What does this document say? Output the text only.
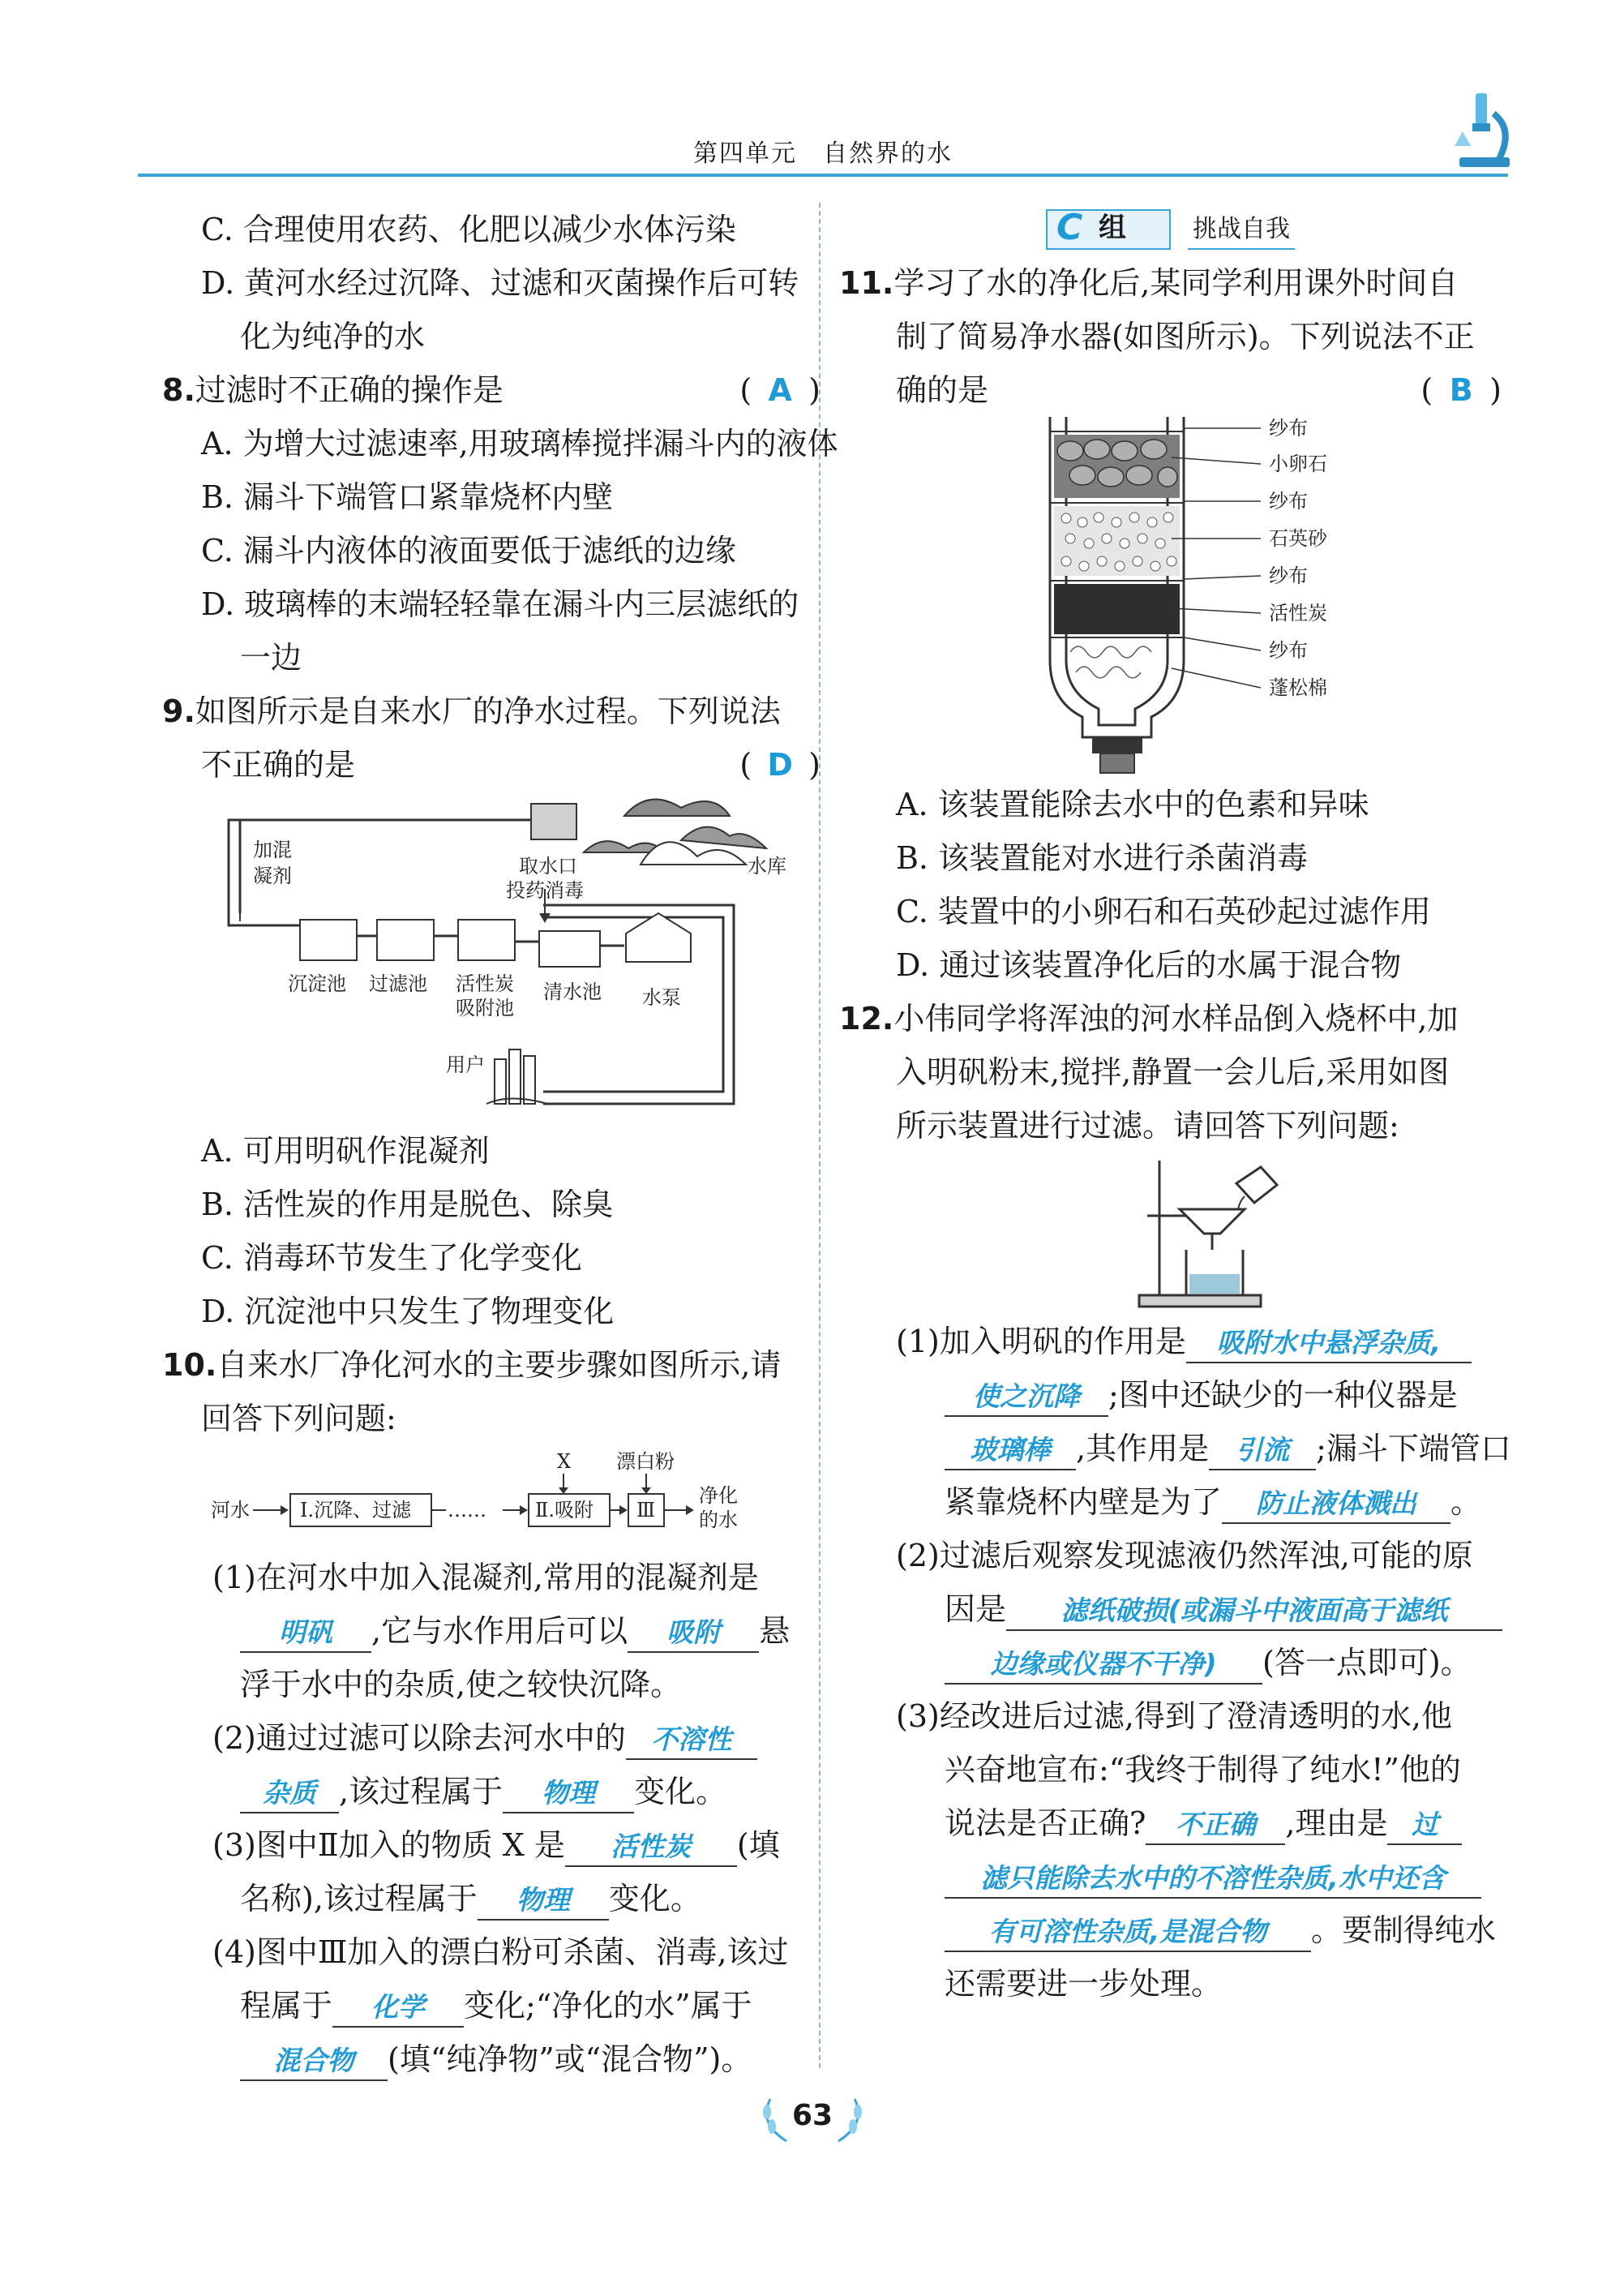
第四单元　自然界的水
C. 合理使用农药、化肥以减少水体污染
D. 黄河水经过沉降、过滤和灭菌操作后可转
化为纯净的水
8.过滤时不正确的操作是	( A )
A. 为增大过滤速率,用玻璃棒搅拌漏斗内的液体
B. 漏斗下端管口紧靠烧杯内壁
C. 漏斗内液体的液面要低于滤纸的边缘
D. 玻璃棒的末端轻轻靠在漏斗内三层滤纸的
一边
9.如图所示是自来水厂的净水过程。下列说法
不正确的是	( D )
加混
凝剂	取水口	水库
投药消毒
沉淀池 过滤池 活性炭
吸附池
清水池 水泵
用户
A. 可用明矾作混凝剂
B. 活性炭的作用是脱色、除臭
C. 消毒环节发生了化学变化
D. 沉淀池中只发生了物理变化
10.自来水厂净化河水的主要步骤如图所示,请
回答下列问题:
河水	Ⅰ.沉降、过滤 ……	Ⅱ.吸附
X
Ⅲ
漂白粉
净化
的水
(1)在河水中加入混凝剂,常用的混凝剂是
明矾 ,它与水作用后可以 吸附 悬
浮于水中的杂质,使之较快沉降。
(2)通过过滤可以除去河水中的 不溶性
杂质 ,该过程属于 物理 变化。
(3)图中Ⅱ加入的物质 X 是 活性炭 (填
名称),该过程属于 物理 变化。
(4)图中Ⅲ加入的漂白粉可杀菌、消毒,该过
程属于 化学 变化;“净化的水”属于
混合物 (填“纯净物”或“混合物”)。
C 组	挑战自我
11.学习了水的净化后,某同学利用课外时间自
制了简易净水器(如图所示)。下列说法不正
确的是	( B )
纱布
小卵石
纱布
石英砂
纱布
活性炭
纱布
蓬松棉
A. 该装置能除去水中的色素和异味
B. 该装置能对水进行杀菌消毒
C. 装置中的小卵石和石英砂起过滤作用
D. 通过该装置净化后的水属于混合物
12.小伟同学将浑浊的河水样品倒入烧杯中,加
入明矾粉末,搅拌,静置一会儿后,采用如图
所示装置进行过滤。请回答下列问题:
(1)加入明矾的作用是 吸附水中悬浮杂质,
使之沉降 ;图中还缺少的一种仪器是
玻璃棒 ,其作用是 引流 ;漏斗下端管口
紧靠烧杯内壁是为了 防止液体溅出 。
(2)过滤后观察发现滤液仍然浑浊,可能的原
因是 滤纸破损(或漏斗中液面高于滤纸
边缘或仪器不干净) (答一点即可)。
(3)经改进后过滤,得到了澄清透明的水,他
兴奋地宣布:“我终于制得了纯水!”他的
说法是否正确? 不正确 ,理由是 过
滤只能除去水中的不溶性杂质,水中还含
有可溶性杂质,是混合物 。要制得纯水
还需要进一步处理。
63
